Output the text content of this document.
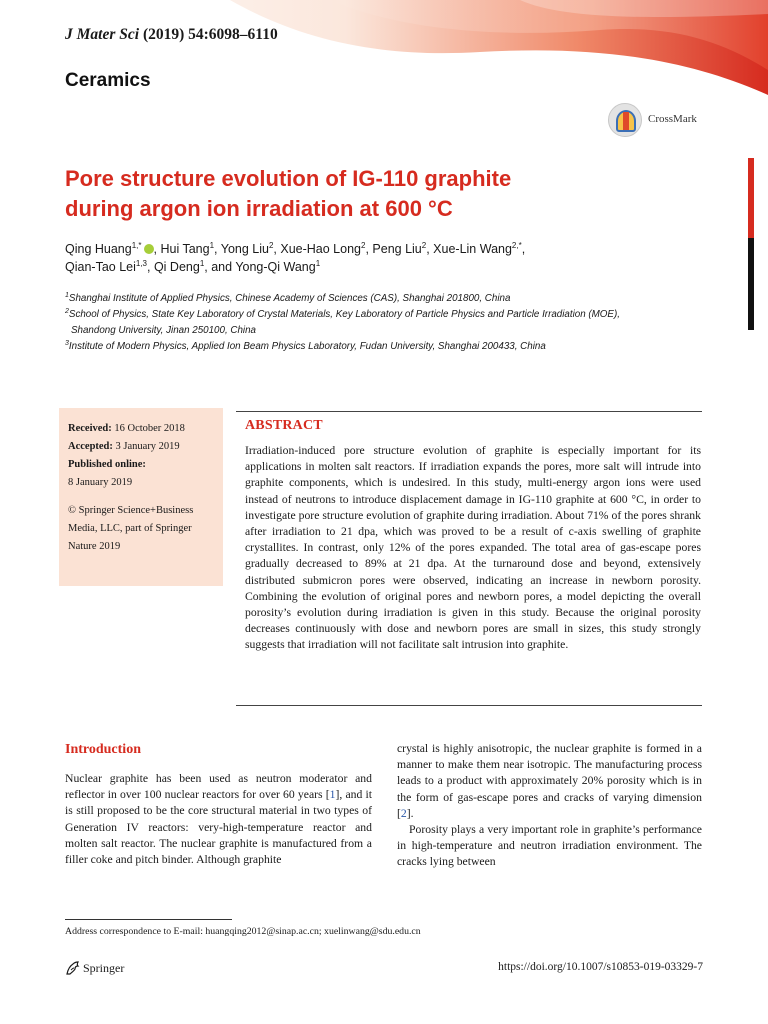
J Mater Sci (2019) 54:6098–6110
Ceramics
CrossMark
Pore structure evolution of IG-110 graphite
during argon ion irradiation at 600 °C
Qing Huang$^{1,*}$ , Hui Tang$^1$, Yong Liu$^2$, Xue-Hao Long$^2$, Peng Liu$^2$, Xue-Lin Wang$^{2,*}$,
Qian-Tao Lei$^{1,3}$, Qi Deng$^1$, and Yong-Qi Wang$^1$
$^1$Shanghai Institute of Applied Physics, Chinese Academy of Sciences (CAS), Shanghai 201800, China
$^2$School of Physics, State Key Laboratory of Crystal Materials, Key Laboratory of Particle Physics and Particle Irradiation (MOE),
Shandong University, Jinan 250100, China
$^3$Institute of Modern Physics, Applied Ion Beam Physics Laboratory, Fudan University, Shanghai 200433, China
Received: 16 October 2018
Accepted: 3 January 2019
Published online:
8 January 2019
© Springer Science+Business Media, LLC, part of Springer Nature 2019
ABSTRACT

Irradiation-induced pore structure evolution of graphite is especially important for its applications in molten salt reactors. If irradiation expands the pores, more salt will intrude into graphite components, which is undesired. In this study, multi-energy argon ions were used instead of neutrons to introduce displacement damage in IG-110 graphite at 600 °C, in order to investigate pore structure evolution of graphite during irradiation. About 71% of the pores shrank after irradiation to 21 dpa, which was proved to be a result of c-axis swelling of graphite crystallites. In contrast, only 12% of the pores expanded. The total area of gas-escape pores gradually decreased to 89% at 21 dpa. At the turnaround dose and beyond, extensively distributed submicron pores were observed, indicating an increase in newborn porosity. Combining the evolution of original pores and newborn pores, a model depicting the overall porosity’s evolution during irradiation is given in this study. Because the original porosity decreases continuously with dose and newborn pores are small in sizes, this study strongly suggests that irradiation will not facilitate salt intrusion into graphite.

Introduction

Nuclear graphite has been used as neutron moderator and reflector in over 100 nuclear reactors for over 60 years [1], and it is still proposed to be the core structural material in two types of Generation IV reactors: very-high-temperature reactor and molten salt reactor. The nuclear graphite is manufactured from a filler coke and pitch binder. Although graphite

crystal is highly anisotropic, the nuclear graphite is formed in a manner to make them near isotropic. The manufacturing process leads to a product with approximately 20% porosity which is in the form of gas-escape pores and cracks of varying dimension [2].

Porosity plays a very important role in graphite’s performance in high-temperature and neutron irradiation environment. The cracks lying between

Address correspondence to E-mail: huangqing2012@sinap.ac.cn; xuelinwang@sdu.edu.cn
Springer	https://doi.org/10.1007/s10853-019-03329-7
